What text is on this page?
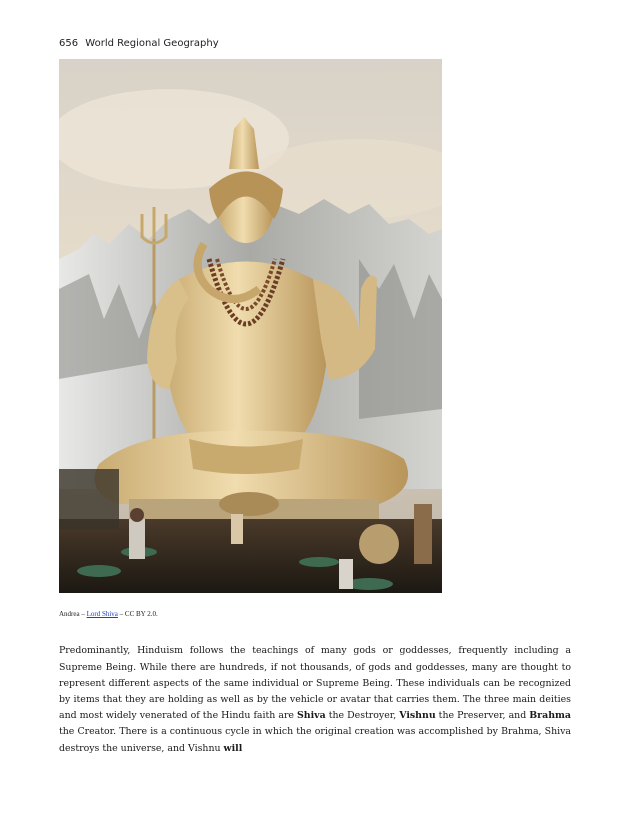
656 World Regional Geography
Andrea – Lord Shiva – CC BY 2.0.

Predominantly, Hinduism follows the teachings of many gods or goddesses, frequently including a Supreme Being. While there are hundreds, if not thousands, of gods and goddesses, many are thought to represent different aspects of the same individual or Supreme Being. These individuals can be recognized by items that they are holding as well as by the vehicle or avatar that carries them. The three main deities and most widely venerated of the Hindu faith are Shiva the Destroyer, Vishnu the Preserver, and Brahma the Creator. There is a continuous cycle in which the original creation was accomplished by Brahma, Shiva destroys the universe, and Vishnu will
